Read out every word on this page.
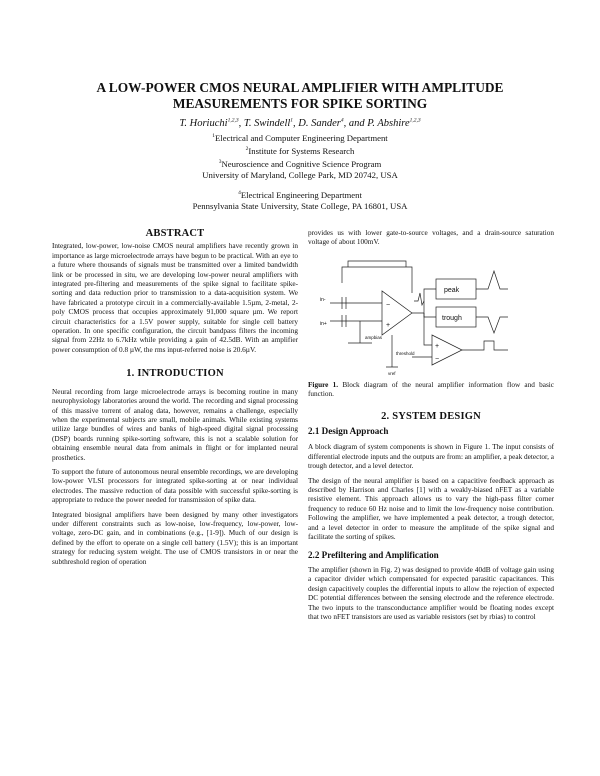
A LOW-POWER CMOS NEURAL AMPLIFIER WITH AMPLITUDE MEASUREMENTS FOR SPIKE SORTING
T. Horiuchi$^{1,2,3}$, T. Swindell$^1$, D. Sander$^4$, and P. Abshire$^{1,2,3}$
$^1$Electrical and Computer Engineering Department
$^2$Institute for Systems Research
$^3$Neuroscience and Cognitive Science Program
University of Maryland, College Park, MD 20742, USA
$^4$Electrical Engineering Department
Pennsylvania State University, State College, PA 16801, USA
ABSTRACT

Integrated, low-power, low-noise CMOS neural amplifiers have recently grown in importance as large microelectrode arrays have begun to be practical. With an eye to a future where thousands of signals must be transmitted over a limited bandwidth link or be processed in situ, we are developing low-power neural amplifiers with integrated pre-filtering and measurements of the spike signal to facilitate spike-sorting and data reduction prior to transmission to a data-acquisition system. We have fabricated a prototype circuit in a commercially-available 1.5µm, 2-metal, 2-poly CMOS process that occupies approximately 91,000 square µm. We report circuit characteristics for a 1.5V power supply, suitable for single cell battery operation. In one specific configuration, the circuit bandpass filters the incoming signal from 22Hz to 6.7kHz while providing a gain of 42.5dB. With an amplifier power consumption of 0.8 µW, the rms input-referred noise is 20.6µV.

1. INTRODUCTION

Neural recording from large microelectrode arrays is becoming routine in many neurophysiology laboratories around the world. The recording and signal processing of this massive torrent of analog data, however, remains a challenge, especially when the experimental subjects are small, mobile animals. While existing systems utilize large bundles of wires and banks of high-speed digital signal processing (DSP) boards running spike-sorting software, this is not a scalable solution for obtaining ensemble neural data from animals in flight or for implanted neural prosthetics.

To support the future of autonomous neural ensemble recordings, we are developing low-power VLSI processors for integrated spike-sorting at or near individual electrodes. The massive reduction of data possible with successful spike-sorting is appropriate to reduce the power needed for transmission of spike data.

Integrated biosignal amplifiers have been designed by many other investigators under different constraints such as low-noise, low-frequency, low-power, low-voltage, zero-DC gain, and in combinations (e.g., [1-9]). Much of our design is defined by the effort to operate on a single cell battery (1.5V); this is an important strategy for reducing system weight. The use of CMOS transistors in or near the subthreshold region of operation

provides us with lower gate-to-source voltages, and a drain-source saturation voltage of about 100mV.

in-
in+
−
+
ampbias
threshold
vref
peak
trough
+
−
Figure 1. Block diagram of the neural amplifier information flow and basic function.
2. SYSTEM DESIGN
2.1 Design Approach

A block diagram of system components is shown in Figure 1. The input consists of differential electrode inputs and the outputs are from: an amplifier, a peak detector, a trough detector, and a level detector.

The design of the neural amplifier is based on a capacitive feedback approach as described by Harrison and Charles [1] with a weakly-biased nFET as a variable resistive element. This approach allows us to vary the high-pass filter corner frequency to reduce 60 Hz noise and to limit the low-frequency noise contribution. Following the amplifier, we have implemented a peak detector, a trough detector, and a level detector in order to measure the amplitude of the spike signal and facilitate the sorting of spikes.

2.2 Prefiltering and Amplification

The amplifier (shown in Fig. 2) was designed to provide 40dB of voltage gain using a capacitor divider which compensated for expected parasitic capacitances. This design capacitively couples the differential inputs to allow the rejection of expected DC potential differences between the sensing electrode and the reference electrode. The two inputs to the transconductance amplifier would be floating nodes except that two nFET transistors are used as variable resistors (set by rbias) to control
